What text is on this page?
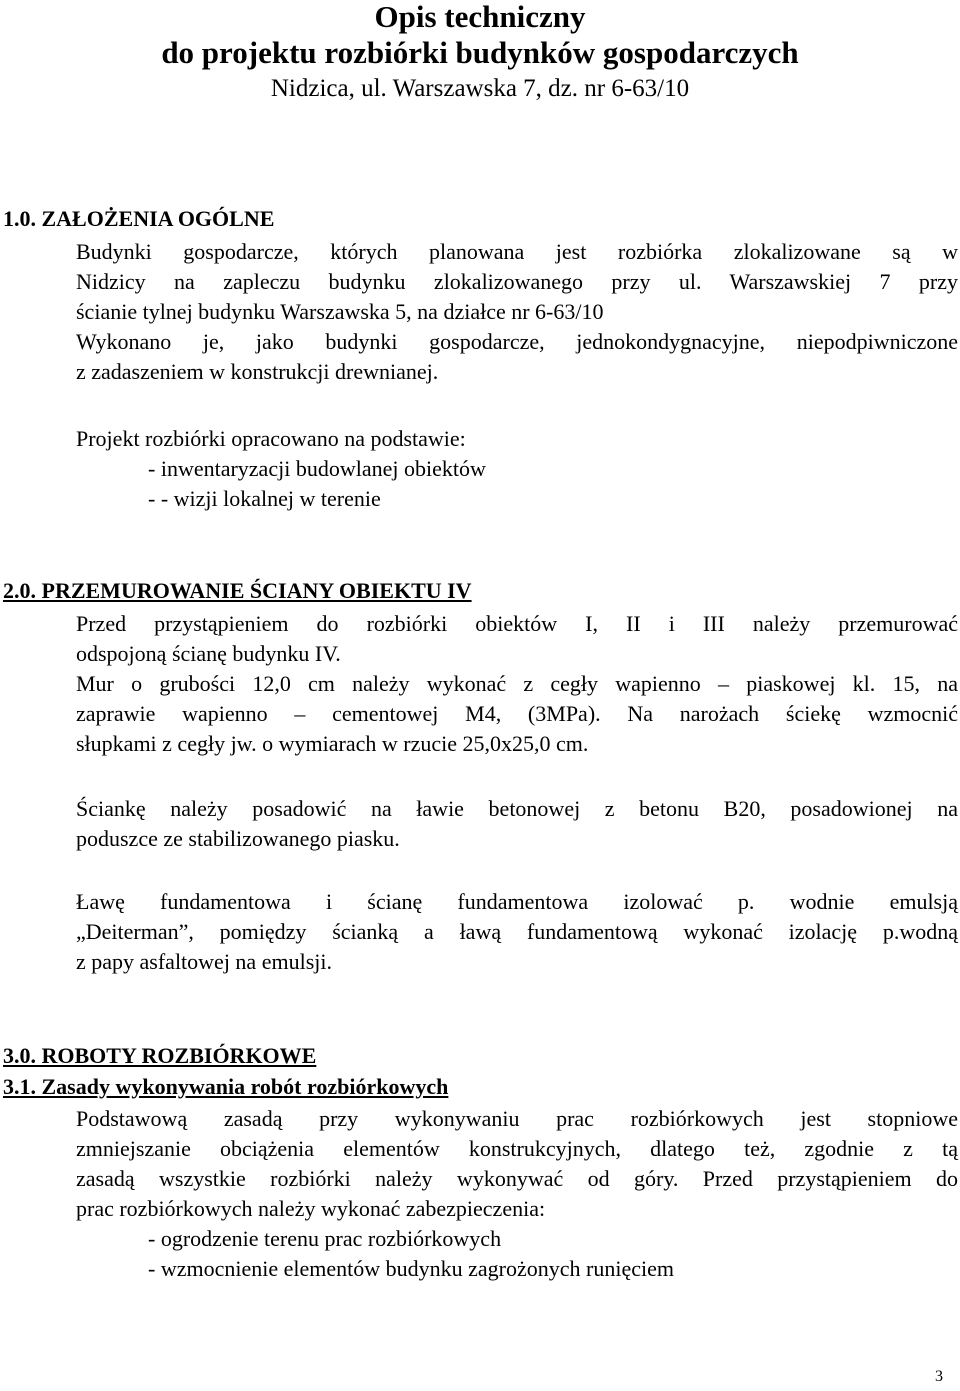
Opis techniczny
do projektu rozbiórki budynków gospodarczych
Nidzica, ul. Warszawska 7, dz. nr 6-63/10
1.0. ZAŁOŻENIA OGÓLNE
Budynki gospodarcze, których planowana jest rozbiórka zlokalizowane są w
Nidzicy na zapleczu budynku zlokalizowanego przy ul. Warszawskiej 7 przy
ścianie tylnej budynku Warszawska 5, na działce nr 6-63/10
Wykonano je, jako budynki gospodarcze, jednokondygnacyjne, niepodpiwniczone
z zadaszeniem w konstrukcji drewnianej.
Projekt rozbiórki opracowano na podstawie:
- inwentaryzacji budowlanej obiektów
- - wizji lokalnej w terenie
2.0. PRZEMUROWANIE ŚCIANY OBIEKTU IV
Przed przystąpieniem do rozbiórki obiektów I, II i III należy przemurować
odspojoną ścianę budynku IV.
Mur o grubości 12,0 cm należy wykonać z cegły wapienno – piaskowej kl. 15, na
zaprawie wapienno – cementowej M4, (3MPa). Na narożach ściekę wzmocnić
słupkami z cegły jw. o wymiarach w rzucie 25,0x25,0 cm.
Ściankę należy posadowić na ławie betonowej z betonu B20, posadowionej na
poduszce ze stabilizowanego piasku.
Ławę fundamentowa i ścianę fundamentowa izolować p. wodnie emulsją
„Deiterman”, pomiędzy ścianką a ławą fundamentową wykonać izolację p.wodną
z papy asfaltowej na emulsji.
3.0. ROBOTY ROZBIÓRKOWE
3.1. Zasady wykonywania robót rozbiórkowych
Podstawową zasadą przy wykonywaniu prac rozbiórkowych jest stopniowe
zmniejszanie obciążenia elementów konstrukcyjnych, dlatego też, zgodnie z tą
zasadą wszystkie rozbiórki należy wykonywać od góry. Przed przystąpieniem do
prac rozbiórkowych należy wykonać zabezpieczenia:
- ogrodzenie terenu prac rozbiórkowych
- wzmocnienie elementów budynku zagrożonych runięciem
3
